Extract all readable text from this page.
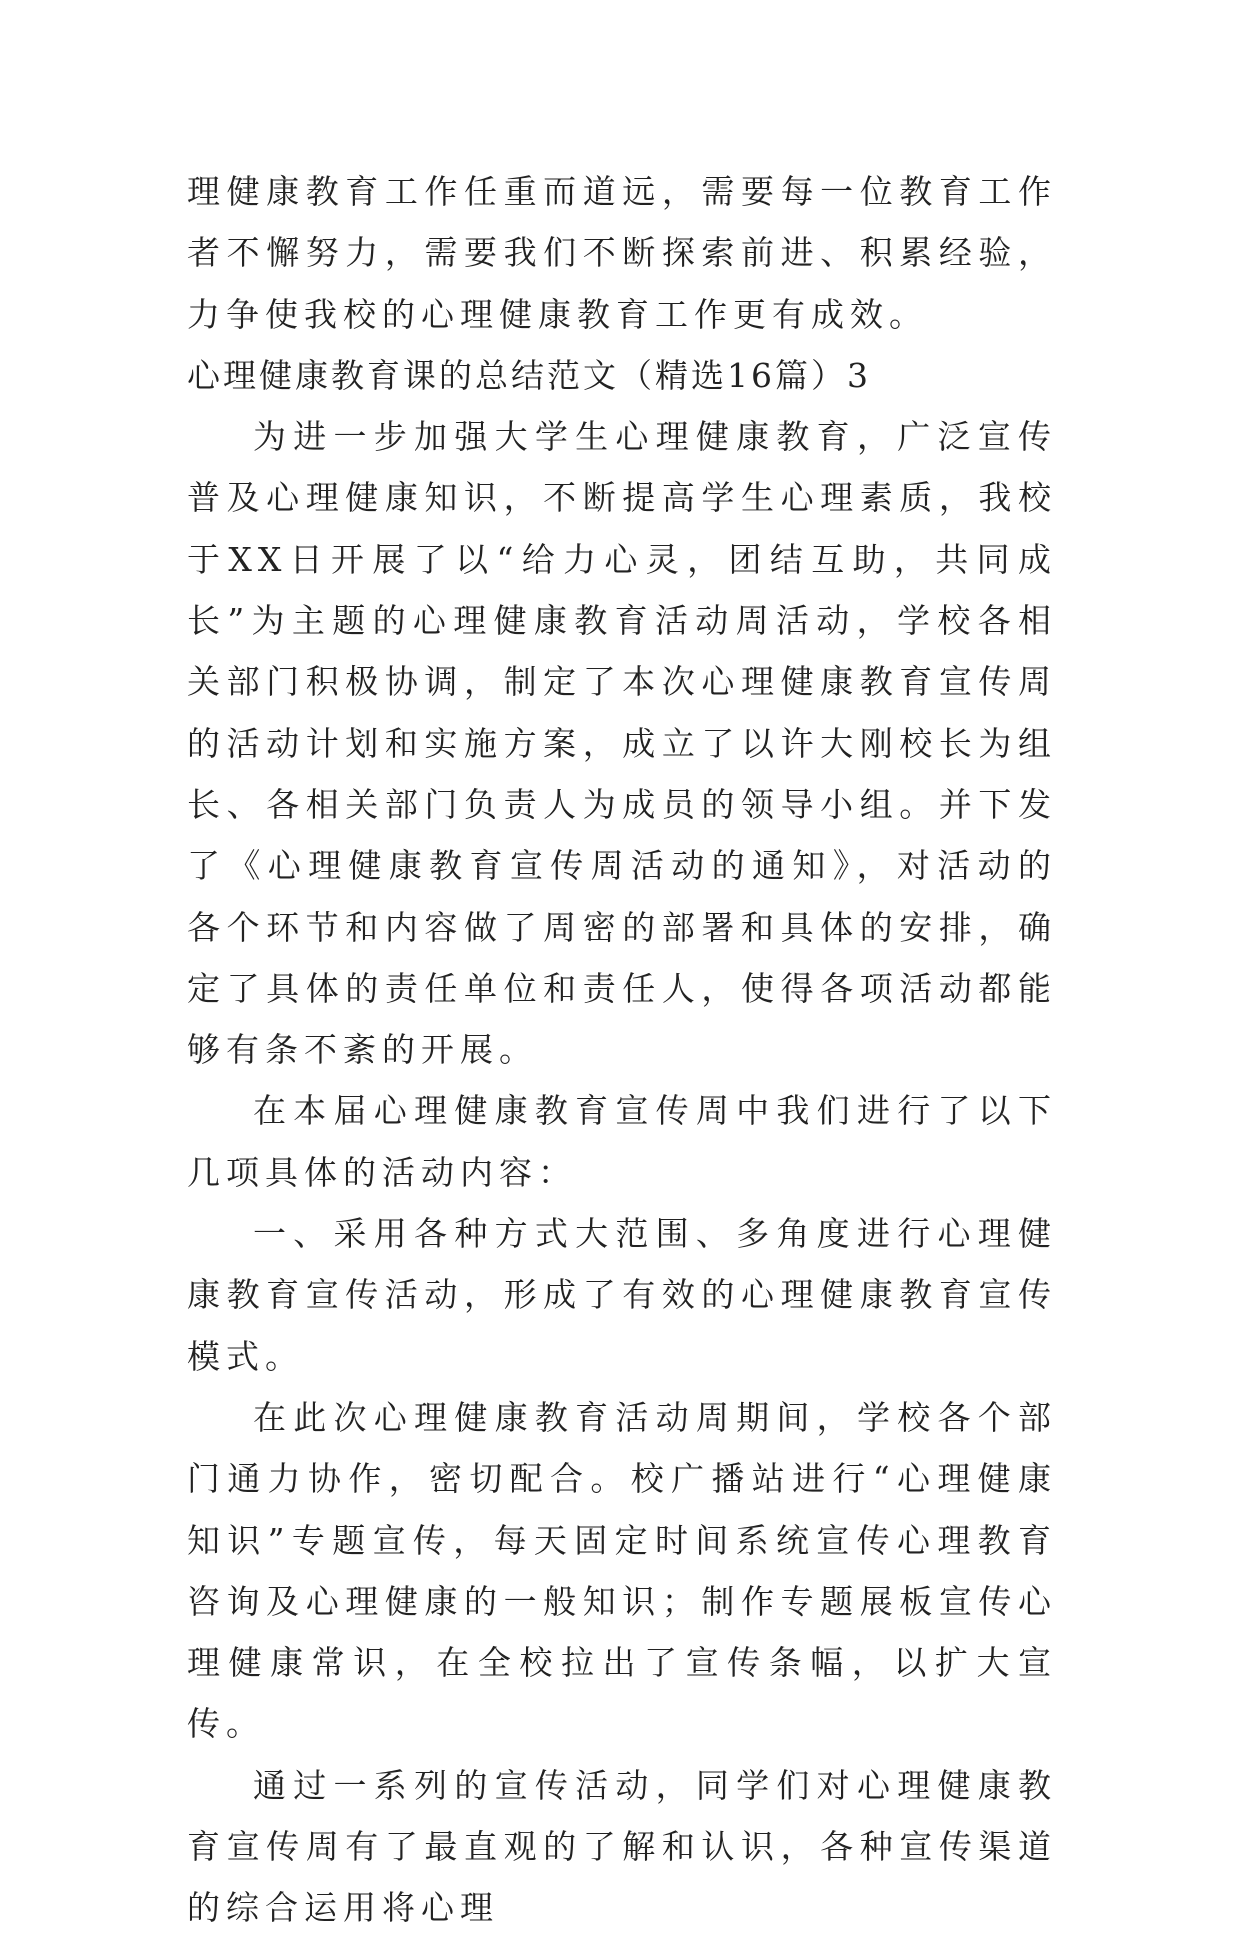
理健康教育工作任重而道远，需要每一位教育工作者不懈努力，需要我们不断探索前进、积累经验，力争使我校的心理健康教育工作更有成效。

心理健康教育课的总结范文（精选16篇）3

为进一步加强大学生心理健康教育，广泛宣传普及心理健康知识，不断提高学生心理素质，我校于XX日开展了以“给力心灵，团结互助，共同成长”为主题的心理健康教育活动周活动，学校各相关部门积极协调，制定了本次心理健康教育宣传周的活动计划和实施方案，成立了以许大刚校长为组长、各相关部门负责人为成员的领导小组。并下发了《心理健康教育宣传周活动的通知》，对活动的各个环节和内容做了周密的部署和具体的安排，确定了具体的责任单位和责任人，使得各项活动都能够有条不紊的开展。

在本届心理健康教育宣传周中我们进行了以下几项具体的活动内容：

一、采用各种方式大范围、多角度进行心理健康教育宣传活动，形成了有效的心理健康教育宣传模式。

在此次心理健康教育活动周期间，学校各个部门通力协作，密切配合。校广播站进行“心理健康知识”专题宣传，每天固定时间系统宣传心理教育咨询及心理健康的一般知识；制作专题展板宣传心理健康常识，在全校拉出了宣传条幅，以扩大宣传。

通过一系列的宣传活动，同学们对心理健康教育宣传周有了最直观的了解和认识，各种宣传渠道的综合运用将心理
